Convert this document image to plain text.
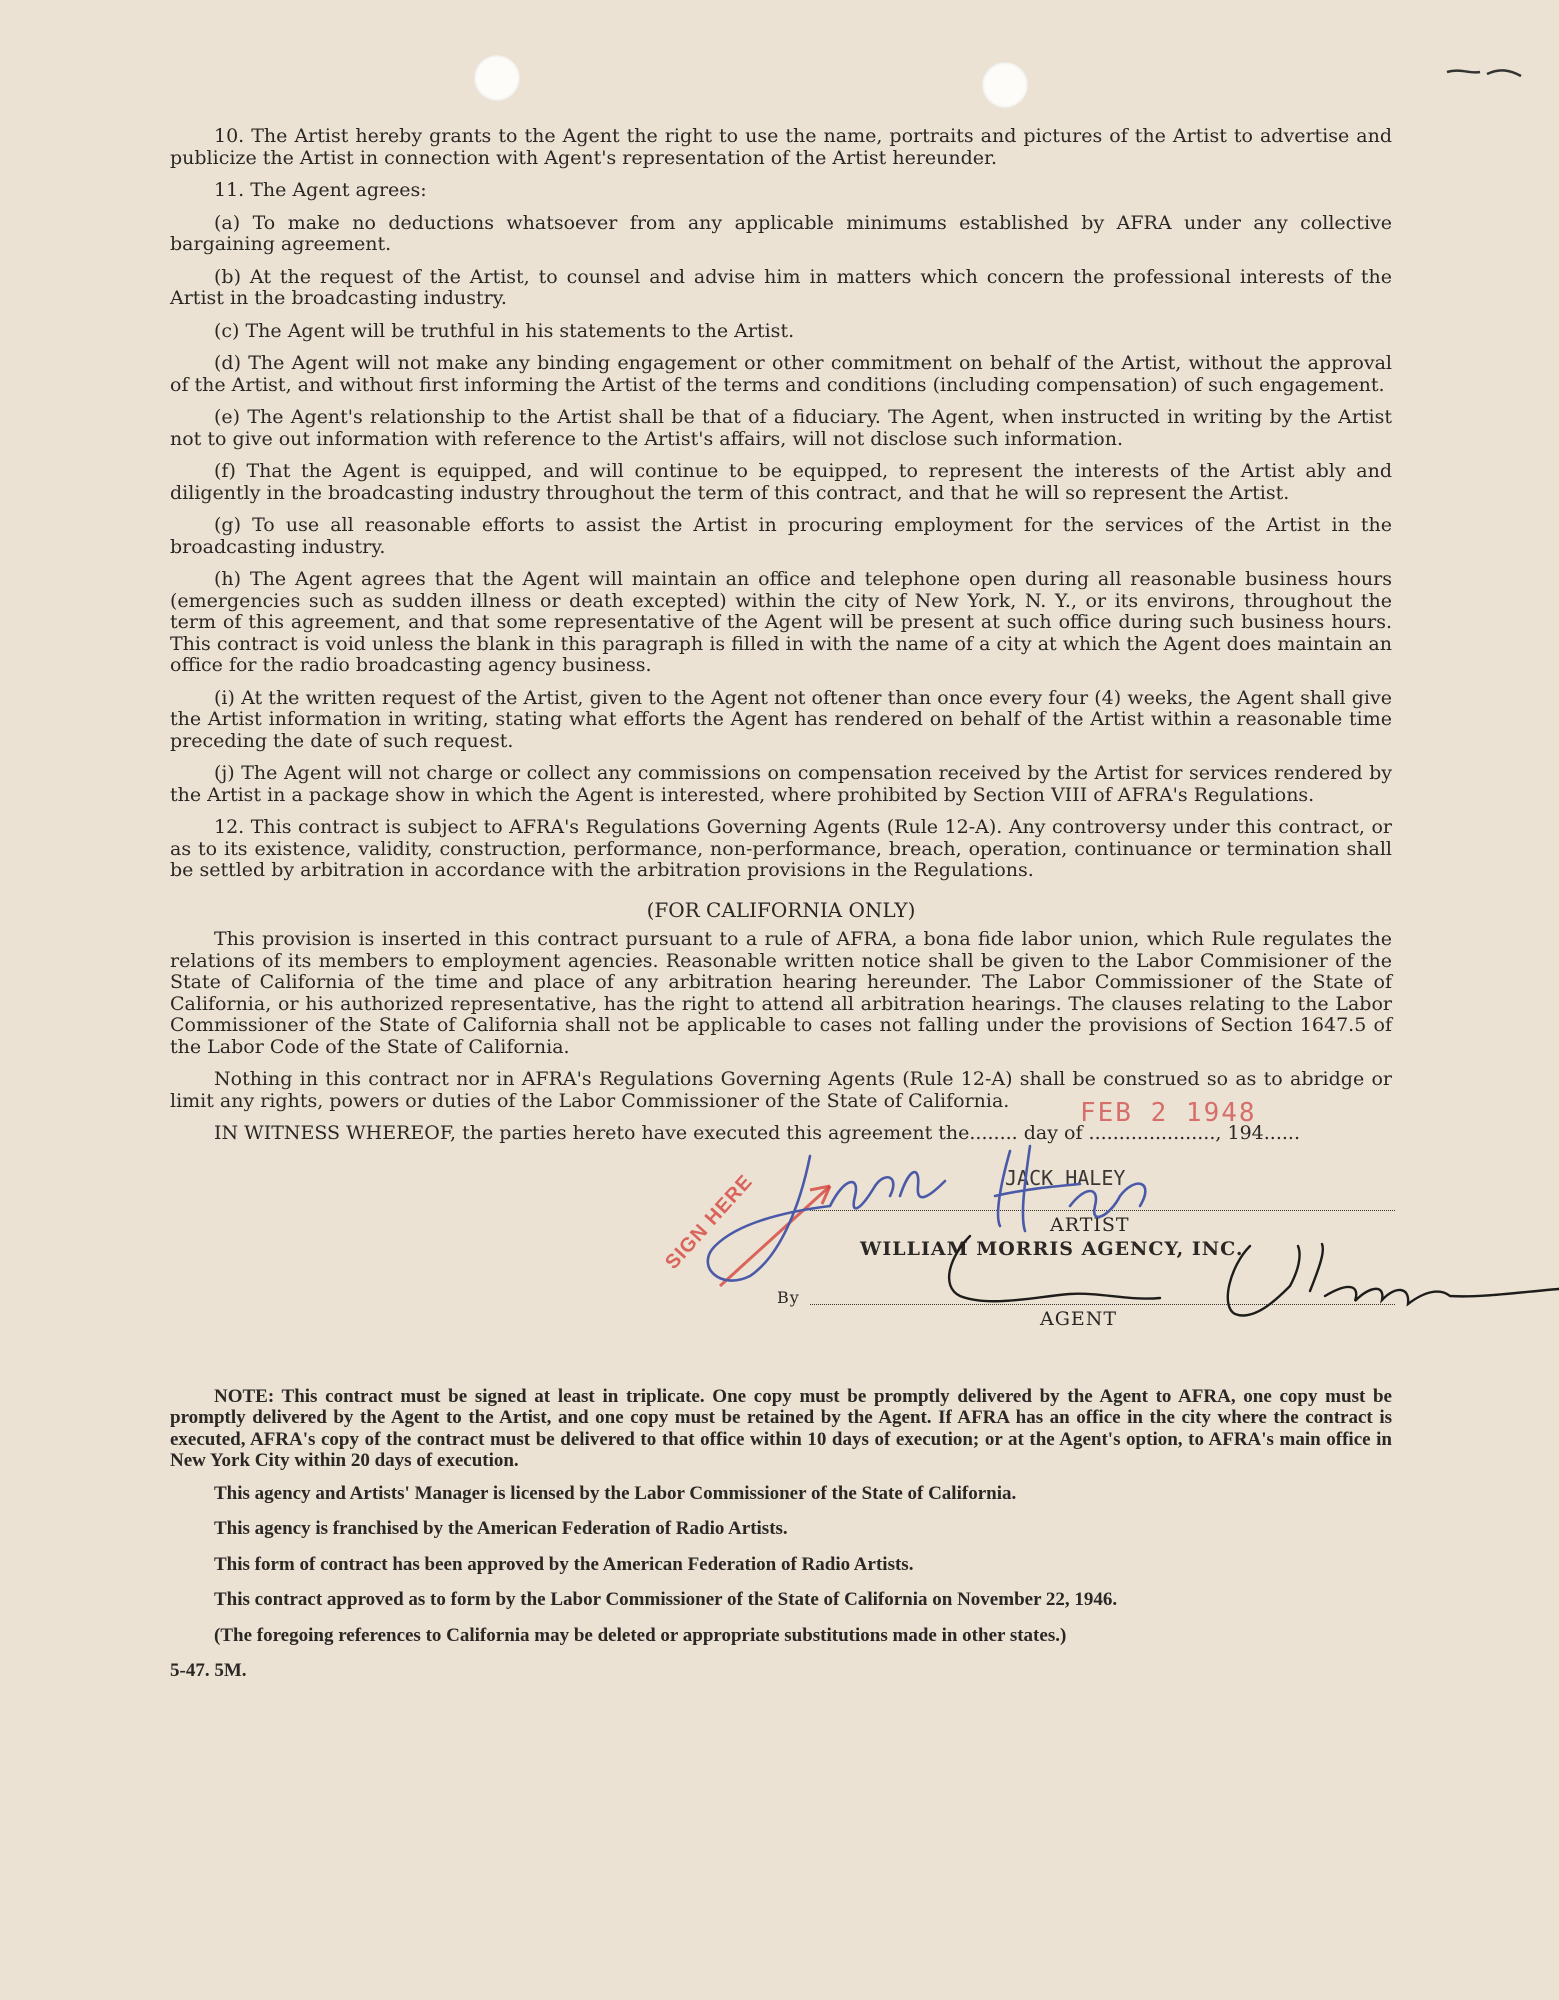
10. The Artist hereby grants to the Agent the right to use the name, portraits and pictures of the Artist to advertise and publicize the Artist in connection with Agent's representation of the Artist hereunder.

11. The Agent agrees:

(a) To make no deductions whatsoever from any applicable minimums established by AFRA under any collective bargaining agreement.

(b) At the request of the Artist, to counsel and advise him in matters which concern the professional interests of the Artist in the broadcasting industry.

(c) The Agent will be truthful in his statements to the Artist.

(d) The Agent will not make any binding engagement or other commitment on behalf of the Artist, without the approval of the Artist, and without first informing the Artist of the terms and conditions (including compensation) of such engagement.

(e) The Agent's relationship to the Artist shall be that of a fiduciary. The Agent, when instructed in writing by the Artist not to give out information with reference to the Artist's affairs, will not disclose such information.

(f) That the Agent is equipped, and will continue to be equipped, to represent the interests of the Artist ably and diligently in the broadcasting industry throughout the term of this contract, and that he will so represent the Artist.

(g) To use all reasonable efforts to assist the Artist in procuring employment for the services of the Artist in the broadcasting industry.

(h) The Agent agrees that the Agent will maintain an office and telephone open during all reasonable business hours (emergencies such as sudden illness or death excepted) within the city of New York, N. Y., or its environs, throughout the term of this agreement, and that some representative of the Agent will be present at such office during such business hours. This contract is void unless the blank in this paragraph is filled in with the name of a city at which the Agent does maintain an office for the radio broadcasting agency business.

(i) At the written request of the Artist, given to the Agent not oftener than once every four (4) weeks, the Agent shall give the Artist information in writing, stating what efforts the Agent has rendered on behalf of the Artist within a reasonable time preceding the date of such request.

(j) The Agent will not charge or collect any commissions on compensation received by the Artist for services rendered by the Artist in a package show in which the Agent is interested, where prohibited by Section VIII of AFRA's Regulations.

12. This contract is subject to AFRA's Regulations Governing Agents (Rule 12-A). Any controversy under this contract, or as to its existence, validity, construction, performance, non-performance, breach, operation, continuance or termination shall be settled by arbitration in accordance with the arbitration provisions in the Regulations.

(FOR CALIFORNIA ONLY)

This provision is inserted in this contract pursuant to a rule of AFRA, a bona fide labor union, which Rule regulates the relations of its members to employment agencies. Reasonable written notice shall be given to the Labor Commisioner of the State of California of the time and place of any arbitration hearing hereunder. The Labor Commissioner of the State of California, or his authorized representative, has the right to attend all arbitration hearings. The clauses relating to the Labor Commissioner of the State of California shall not be applicable to cases not falling under the provisions of Section 1647.5 of the Labor Code of the State of California.

Nothing in this contract nor in AFRA's Regulations Governing Agents (Rule 12-A) shall be construed so as to abridge or limit any rights, powers or duties of the Labor Commissioner of the State of California.

IN WITNESS WHEREOF, the parties hereto have executed this agreement the........ day of ....................., 194......

FEB 2 1948
SIGN HERE	JACK HALEY
ARTIST
WILLIAM MORRIS AGENCY, INC.
By
AGENT

NOTE: This contract must be signed at least in triplicate. One copy must be promptly delivered by the Agent to AFRA, one copy must be promptly delivered by the Agent to the Artist, and one copy must be retained by the Agent. If AFRA has an office in the city where the contract is executed, AFRA's copy of the contract must be delivered to that office within 10 days of execution; or at the Agent's option, to AFRA's main office in New York City within 20 days of execution.

This agency and Artists' Manager is licensed by the Labor Commissioner of the State of California.

This agency is franchised by the American Federation of Radio Artists.

This form of contract has been approved by the American Federation of Radio Artists.

This contract approved as to form by the Labor Commissioner of the State of California on November 22, 1946.

(The foregoing references to California may be deleted or appropriate substitutions made in other states.)

5-47. 5M.
